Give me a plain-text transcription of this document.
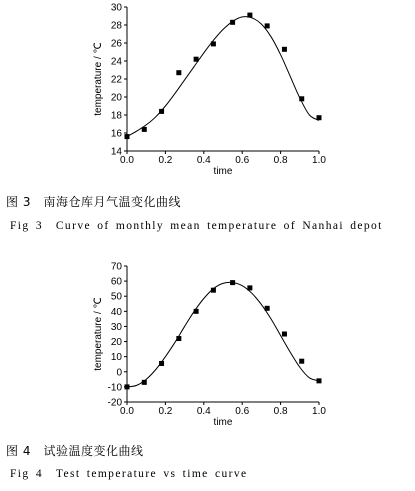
14
16
18
20
22
24
26
28
30
0.0 0.2 0.4 0.6 0.8 1.0
time
temperature / ℃
-20
-10
0
10
20
30
40
50
60
70
0.0 0.2 0.4 0.6 0.8 1.0
time
temperature / ℃
图 3　南海仓库月气温变化曲线
Fig 3　Curve of monthly mean temperature of Nanhai depot
图 4　试验温度变化曲线
Fig 4　Test temperature vs time curve
